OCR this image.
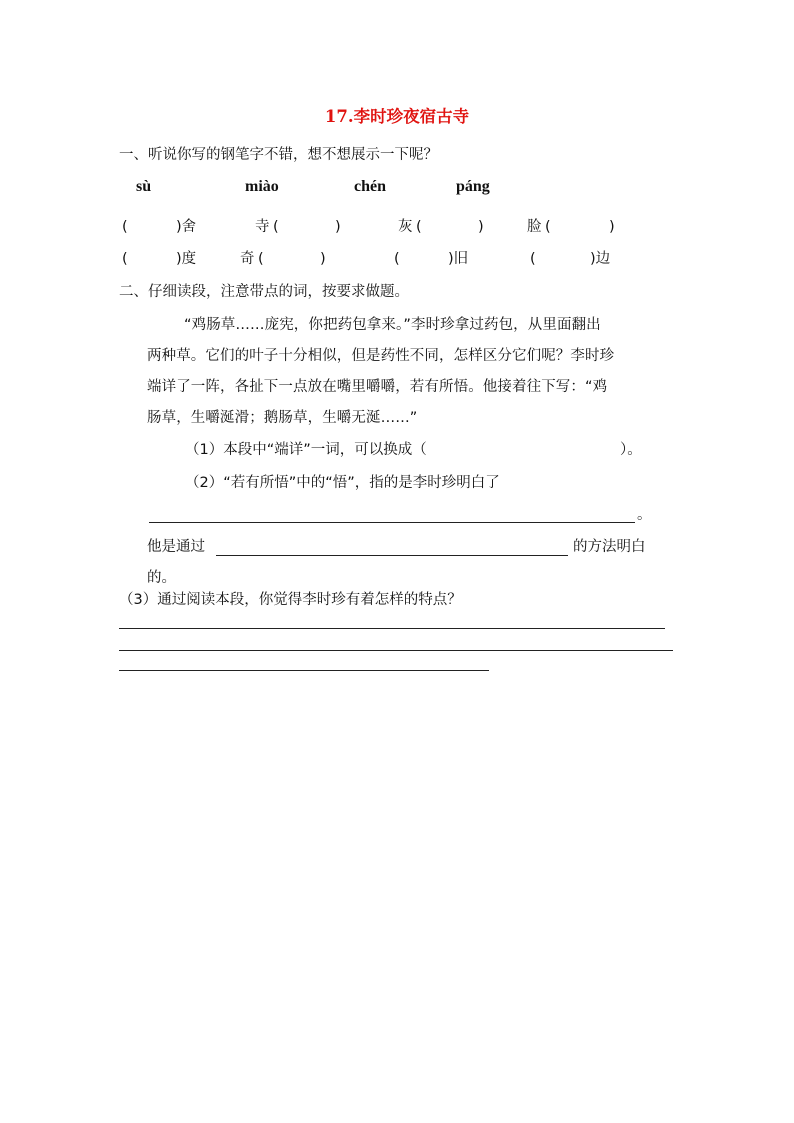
17.李时珍夜宿古寺
一、听说你写的钢笔字不错，想不想展示一下呢？
sù	miào	chén	páng
(	)舍	寺 (	)	灰 (	)	脸 (	)
(	)度	奇 (	)	(	)旧	(	)边
二、仔细读段，注意带点的词，按要求做题。
“鸡肠草……庞宪，你把药包拿来。”李时珍拿过药包，从里面翻出
两种草。它们的叶子十分相似，但是药性不同，怎样区分它们呢？李时珍
端详了一阵，各扯下一点放在嘴里嚼嚼，若有所悟。他接着往下写：“鸡
肠草，生嚼涎滑；鹅肠草，生嚼无涎……”
（1）本段中“端详”一词，可以换成（	）。
（2）“若有所悟”中的“悟”，指的是李时珍明白了
。
他是通过	的方法明白
的。
（3）通过阅读本段，你觉得李时珍有着怎样的特点？
